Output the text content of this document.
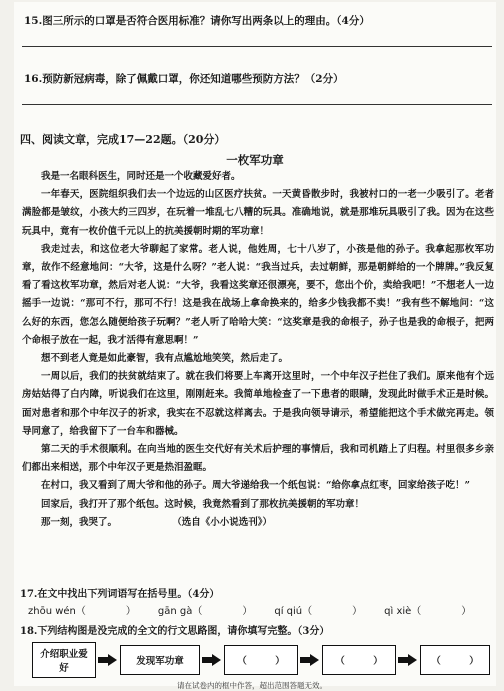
15.图三所示的口罩是否符合医用标准？请你写出两条以上的理由。（4分）
16.预防新冠病毒，除了佩戴口罩，你还知道哪些预防方法？（2分）
四、阅读文章，完成17—22题。（20分）
一枚军功章

我是一名眼科医生，同时还是一个收藏爱好者。

一年春天，医院组织我们去一个边远的山区医疗扶贫。一天黄昏散步时，我被村口的一老一少吸引了。老者满脸都是皱纹，小孩大约三四岁，在玩着一堆乱七八糟的玩具。准确地说，就是那堆玩具吸引了我。因为在这些玩具中，竟有一枚价值千元以上的抗美援朝时期的军功章！

我走过去，和这位老大爷聊起了家常。老人说，他姓周，七十八岁了，小孩是他的孙子。我拿起那枚军功章，故作不经意地问：“大爷，这是什么呀？”老人说：“我当过兵，去过朝鲜，那是朝鲜给的一个牌牌。”我反复看了看这枚军功章，然后对老人说：“大爷，我看这奖章还很漂亮，要不，您出个价，卖给我吧！”不想老人一边摇手一边说：“那可不行，那可不行！这是我在战场上拿命换来的，给多少钱我都不卖！”我有些不解地问：“这么好的东西，您怎么随便给孩子玩啊？”老人听了哈哈大笑：“这奖章是我的命根子，孙子也是我的命根子，把两个命根子放在一起，我才活得有意思啊！”

想不到老人竟是如此豪智，我有点尴尬地笑笑，然后走了。

一周以后，我们的扶贫就结束了。就在我们将要上车离开这里时，一个中年汉子拦住了我们。原来他有个远房姑姑得了白内障，听说我们在这里，刚刚赶来。我简单地检查了一下患者的眼睛，发现此时做手术正是时候。面对患者和那个中年汉子的祈求，我实在不忍就这样离去。于是我向领导请示，希望能把这个手术做完再走。领导同意了，给我留下了一台车和器械。

第二天的手术很顺利。在向当地的医生交代好有关术后护理的事情后，我和司机踏上了归程。村里很多乡亲们都出来相送，那个中年汉子更是热泪盈眶。

在村口，我又看到了周大爷和他的孙子。周大爷递给我一个纸包说：“给你拿点红枣，回家给孩子吃！”

回家后，我打开了那个纸包。这时候，我竟然看到了那枚抗美援朝的军功章！

那一刻，我哭了。	（选自《小小说选刊》）

17.在文中找出下列词语写在括号里。（4分）
zhōu wén（	） gān gà（	） qí qiú（	） qì xiè（	）
18.下列结构图是没完成的全文的行文思路图，请你填写完整。（3分）
介绍职业爱好
发现军功章	（　　　）	（　　　）	（　　　）
请在试卷内的框中作答，超出范围答题无效。
